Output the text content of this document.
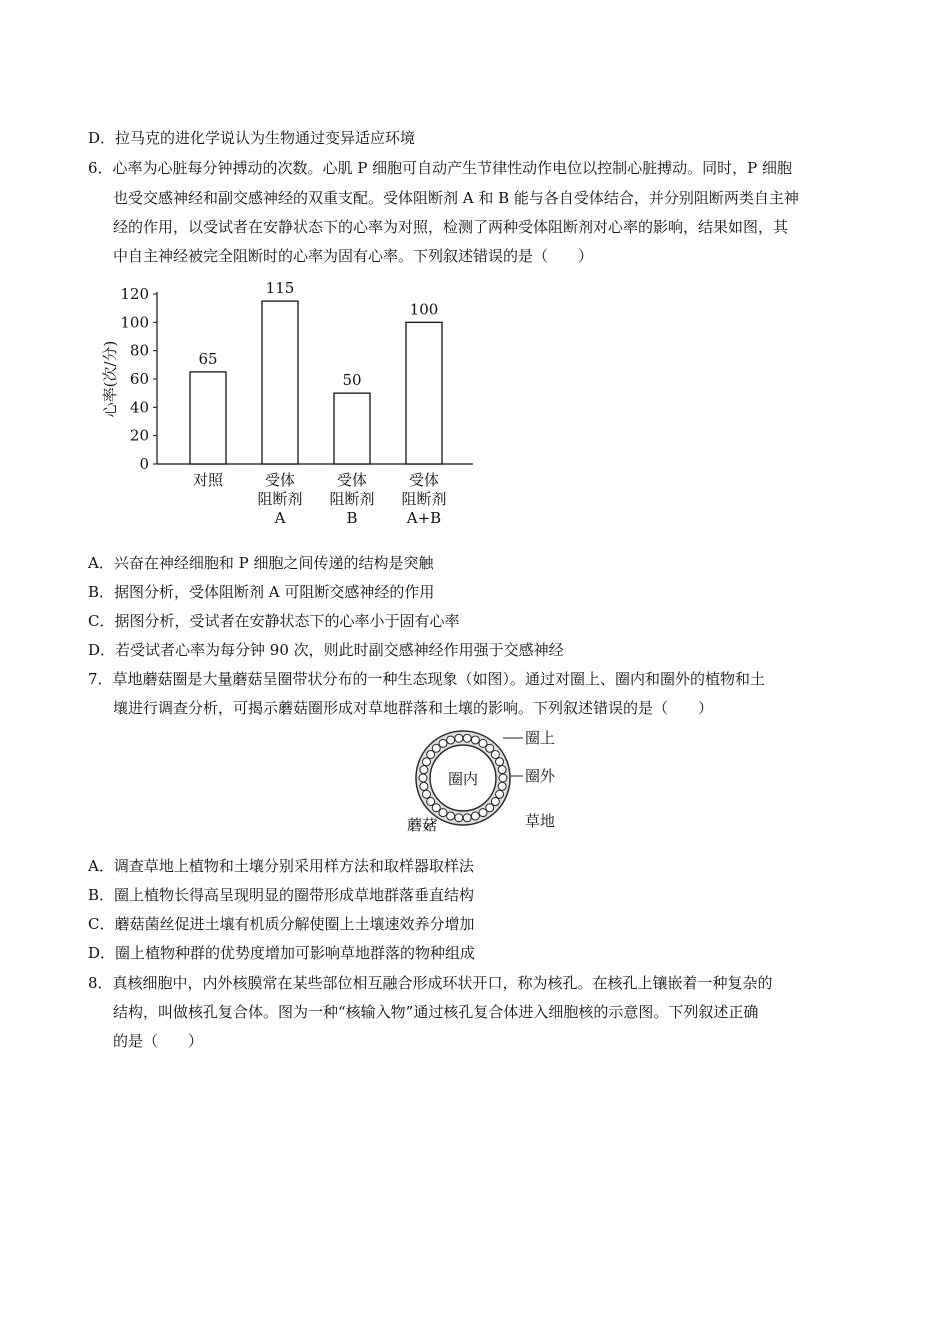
D．拉马克的进化学说认为生物通过变异适应环境
6．心率为心脏每分钟搏动的次数。心肌 P 细胞可自动产生节律性动作电位以控制心脏搏动。同时，P 细胞
也受交感神经和副交感神经的双重支配。受体阻断剂 A 和 B 能与各自受体结合，并分别阻断两类自主神
经的作用，以受试者在安静状态下的心率为对照，检测了两种受体阻断剂对心率的影响，结果如图，其
中自主神经被完全阻断时的心率为固有心率。下列叙述错误的是（　　）
0
20
40
60
80
100
120
心率(次/分)	65
对照
115
受体
阻断剂
A
50
受体
阻断剂
B
100
受体
阻断剂
A+B
A．兴奋在神经细胞和 P 细胞之间传递的结构是突触
B．据图分析，受体阻断剂 A 可阻断交感神经的作用
C．据图分析，受试者在安静状态下的心率小于固有心率
D．若受试者心率为每分钟 90 次，则此时副交感神经作用强于交感神经
7．草地蘑菇圈是大量蘑菇呈圈带状分布的一种生态现象（如图）。通过对圈上、圈内和圈外的植物和土
壤进行调查分析，可揭示蘑菇圈形成对草地群落和土壤的影响。下列叙述错误的是（　　）
圈内
圈上
圈外
草地
蘑菇
A．调查草地上植物和土壤分别采用样方法和取样器取样法
B．圈上植物长得高呈现明显的圈带形成草地群落垂直结构
C．蘑菇菌丝促进土壤有机质分解使圈上土壤速效养分增加
D．圈上植物种群的优势度增加可影响草地群落的物种组成
8．真核细胞中，内外核膜常在某些部位相互融合形成环状开口，称为核孔。在核孔上镶嵌着一种复杂的
结构，叫做核孔复合体。图为一种“核输入物”通过核孔复合体进入细胞核的示意图。下列叙述正确
的是（　　）
